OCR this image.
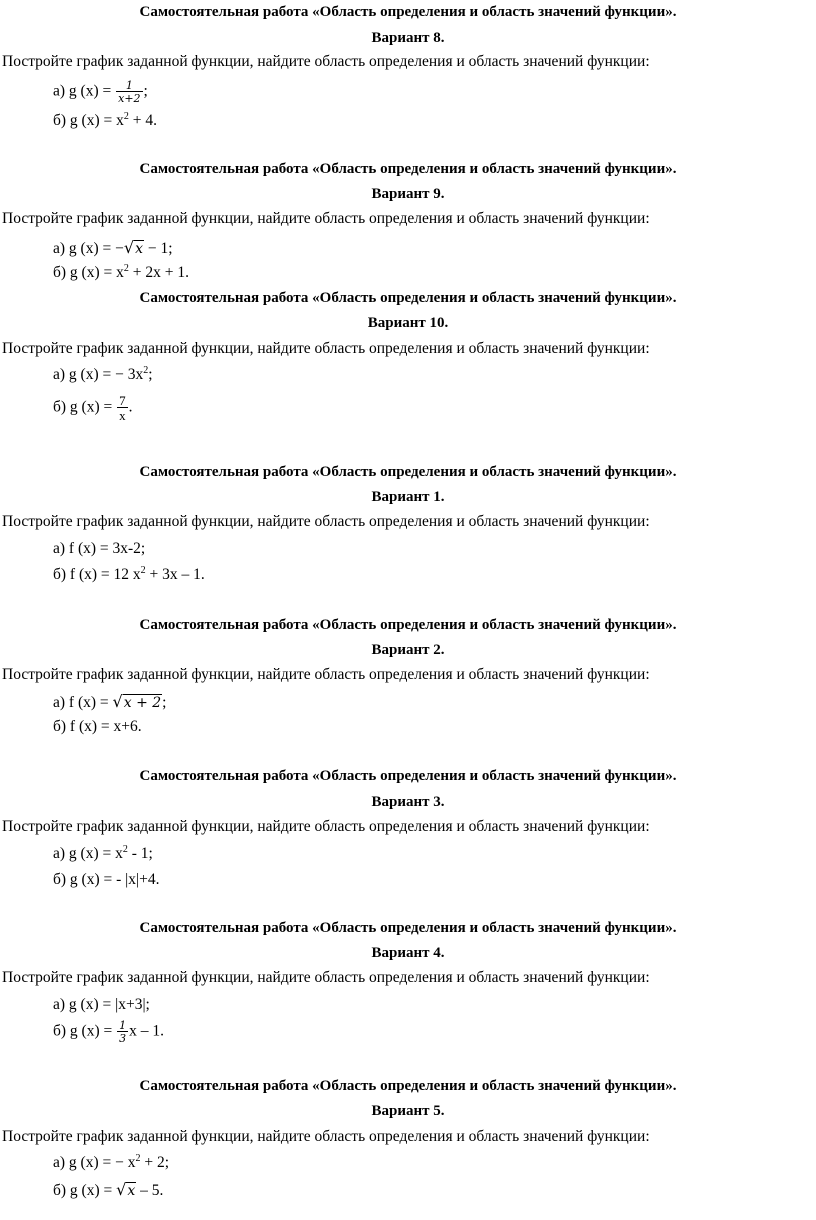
Самостоятельная работа «Область определения и область значений функции».
Вариант 8.
Постройте график заданной функции, найдите область определения и область значений функции:
а) g $(x) = \frac{1}{x+2}$ ;
б) g $(x) = x^2 + 4$.
Самостоятельная работа «Область определения и область значений функции».
Вариант 9.
Постройте график заданной функции, найдите область определения и область значений функции:
а) g (x) = −√x − 1;
б) g $(x) = x^2 + 2x + 1$.
Самостоятельная работа «Область определения и область значений функции».
Вариант 10.
Постройте график заданной функции, найдите область определения и область значений функции:
а) g (x) = − $3x^2$;
б) g $(x) = \frac{7}{x}$ .
Самостоятельная работа «Область определения и область значений функции».
Вариант 1.
Постройте график заданной функции, найдите область определения и область значений функции:
а) f (x) = 3x-2;
б) f (x) = 12 $x^2 + 3x - 1$.
Самостоятельная работа «Область определения и область значений функции».
Вариант 2.
Постройте график заданной функции, найдите область определения и область значений функции:
а) f (x) = √x + 2;
б) f (x) = x+6.
Самостоятельная работа «Область определения и область значений функции».
Вариант 3.
Постройте график заданной функции, найдите область определения и область значений функции:
а) g $(x) = x^2 - 1$;
б) g (x) = - |x|+4.
Самостоятельная работа «Область определения и область значений функции».
Вариант 4.
Постройте график заданной функции, найдите область определения и область значений функции:
а) g (x) = |x+3|;
б) g $(x) = \frac{1}{3}$ x – 1.
Самостоятельная работа «Область определения и область значений функции».
Вариант 5.
Постройте график заданной функции, найдите область определения и область значений функции:
а) g (x) = − $x^2 + 2$;
б) g (x) = √x – 5.
